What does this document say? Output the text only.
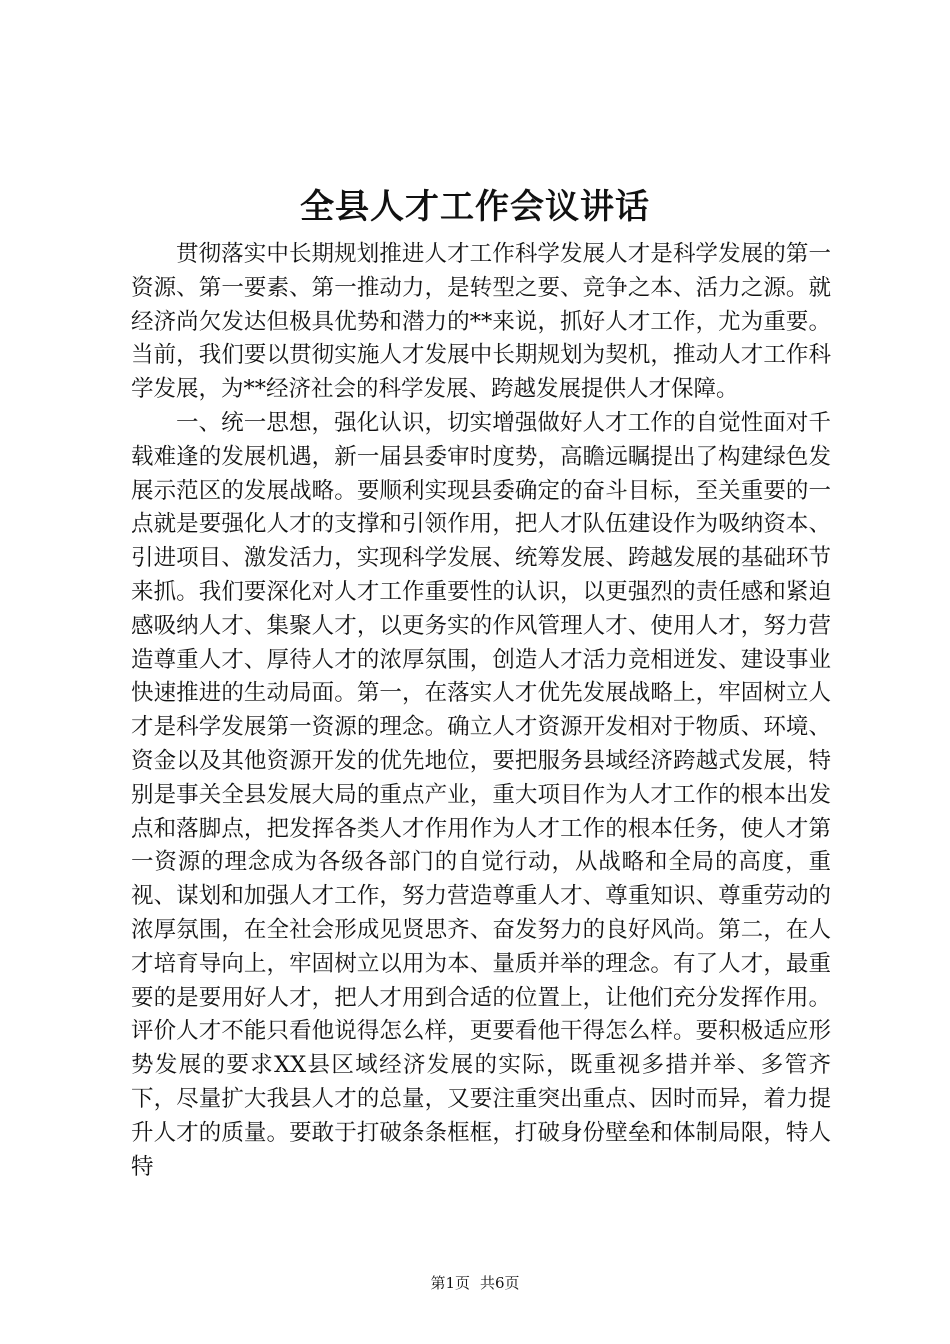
全县人才工作会议讲话

贯彻落实中长期规划推进人才工作科学发展人才是科学发展的第一资源、第一要素、第一推动力，是转型之要、竞争之本、活力之源。就经济尚欠发达但极具优势和潜力的**来说，抓好人才工作，尤为重要。当前，我们要以贯彻实施人才发展中长期规划为契机，推动人才工作科学发展，为**经济社会的科学发展、跨越发展提供人才保障。

一、统一思想，强化认识，切实增强做好人才工作的自觉性面对千载难逢的发展机遇，新一届县委审时度势，高瞻远瞩提出了构建绿色发展示范区的发展战略。要顺利实现县委确定的奋斗目标，至关重要的一点就是要强化人才的支撑和引领作用，把人才队伍建设作为吸纳资本、引进项目、激发活力，实现科学发展、统筹发展、跨越发展的基础环节来抓。我们要深化对人才工作重要性的认识，以更强烈的责任感和紧迫感吸纳人才、集聚人才，以更务实的作风管理人才、使用人才，努力营造尊重人才、厚待人才的浓厚氛围，创造人才活力竞相迸发、建设事业快速推进的生动局面。第一，在落实人才优先发展战略上，牢固树立人才是科学发展第一资源的理念。确立人才资源开发相对于物质、环境、资金以及其他资源开发的优先地位，要把服务县域经济跨越式发展，特别是事关全县发展大局的重点产业，重大项目作为人才工作的根本出发点和落脚点，把发挥各类人才作用作为人才工作的根本任务，使人才第一资源的理念成为各级各部门的自觉行动，从战略和全局的高度，重视、谋划和加强人才工作，努力营造尊重人才、尊重知识、尊重劳动的浓厚氛围，在全社会形成见贤思齐、奋发努力的良好风尚。第二，在人才培育导向上，牢固树立以用为本、量质并举的理念。有了人才，最重要的是要用好人才，把人才用到合适的位置上，让他们充分发挥作用。评价人才不能只看他说得怎么样，更要看他干得怎么样。要积极适应形势发展的要求XX县区域经济发展的实际，既重视多措并举、多管齐下，尽量扩大我县人才的总量，又要注重突出重点、因时而异，着力提升人才的质量。要敢于打破条条框框，打破身份壁垒和体制局限，特人特

第1页 共6页
